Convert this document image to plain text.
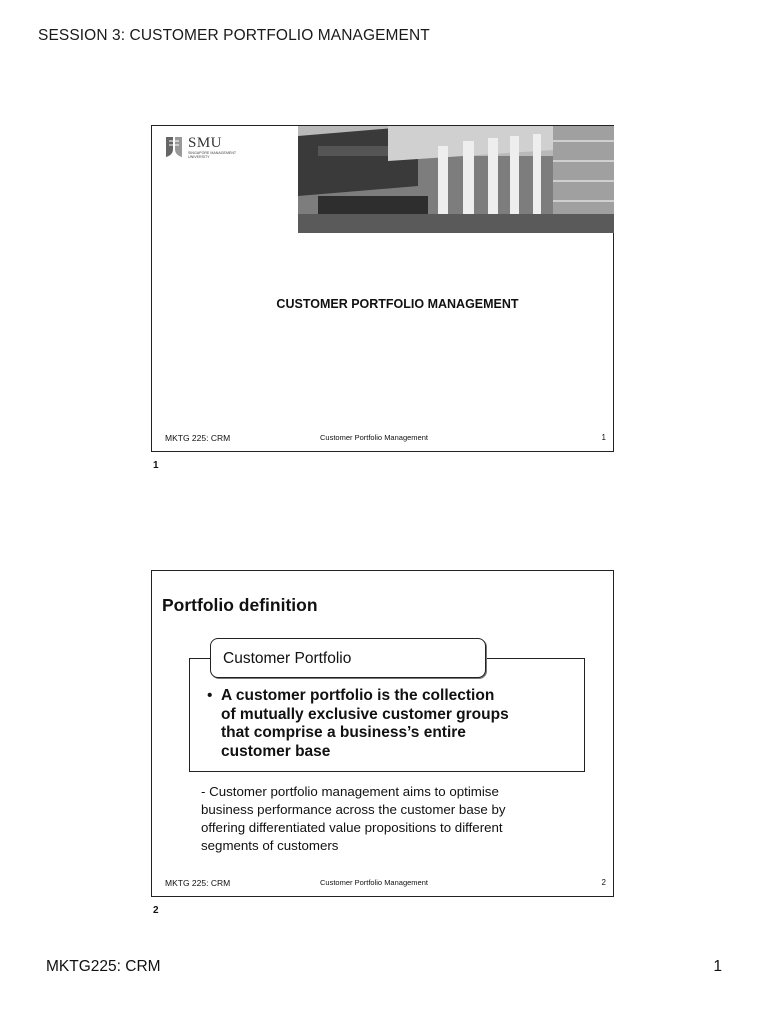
SESSION 3: CUSTOMER PORTFOLIO MANAGEMENT
SMU
SINGAPORE MANAGEMENT UNIVERSITY
CUSTOMER PORTFOLIO MANAGEMENT
MKTG 225: CRM	Customer Portfolio Management	1
1
Portfolio definition
Customer Portfolio
• A customer portfolio is the collection
of mutually exclusive customer groups
that comprise a business’s entire
customer base
- Customer portfolio management aims to optimise
business performance across the customer base by
offering differentiated value propositions to different
segments of customers
MKTG 225: CRM	Customer Portfolio Management	2
2
MKTG225: CRM	1
